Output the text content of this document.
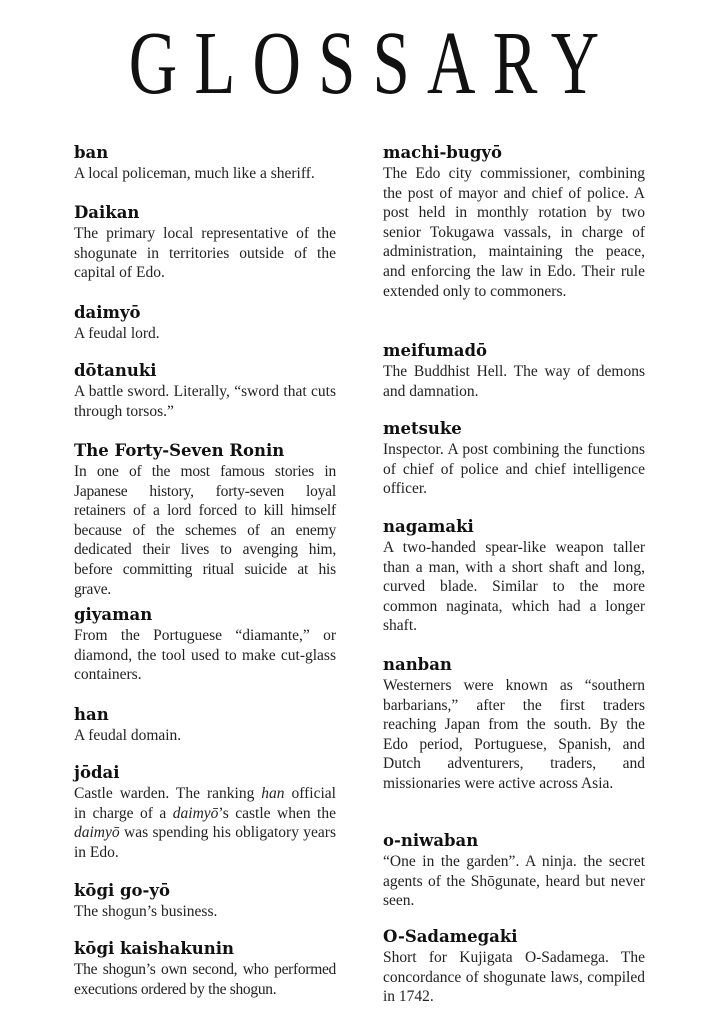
GLOSSARY
ban
A local policeman, much like a sheriff.
Daikan
The primary local representative of the shogunate in territories outside of the capital of Edo.
daimyō
A feudal lord.
dōtanuki
A battle sword. Literally, “sword that cuts through torsos.”
The Forty-Seven Ronin
In one of the most famous stories in Japanese history, forty-seven loyal retainers of a lord forced to kill himself because of the schemes of an enemy dedicated their lives to avenging him, before committing ritual suicide at his grave.
giyaman
From the Portuguese “diamante,” or diamond, the tool used to make cut-glass containers.
han
A feudal domain.
jōdai
Castle warden. The ranking han official in charge of a daimyō’s castle when the daimyō was spending his obligatory years in Edo.
kōgi go-yō
The shogun’s business.
kōgi kaishakunin
The shogun’s own second, who performed executions ordered by the shogun.
machi-bugyō
The Edo city commissioner, combining the post of mayor and chief of police. A post held in monthly rotation by two senior Tokugawa vassals, in charge of administration, maintaining the peace, and enforcing the law in Edo. Their rule extended only to commoners.
meifumadō
The Buddhist Hell. The way of demons and damnation.
metsuke
Inspector. A post combining the functions of chief of police and chief intelligence officer.
nagamaki
A two-handed spear-like weapon taller than a man, with a short shaft and long, curved blade. Similar to the more common naginata, which had a longer shaft.
nanban
Westerners were known as “southern barbarians,” after the first traders reaching Japan from the south. By the Edo period, Portuguese, Spanish, and Dutch adventurers, traders, and missionaries were active across Asia.
o-niwaban
“One in the garden”. A ninja. the secret agents of the Shōgunate, heard but never seen.
O-Sadamegaki
Short for Kujigata O-Sadamega. The concordance of shogunate laws, compiled in 1742.
